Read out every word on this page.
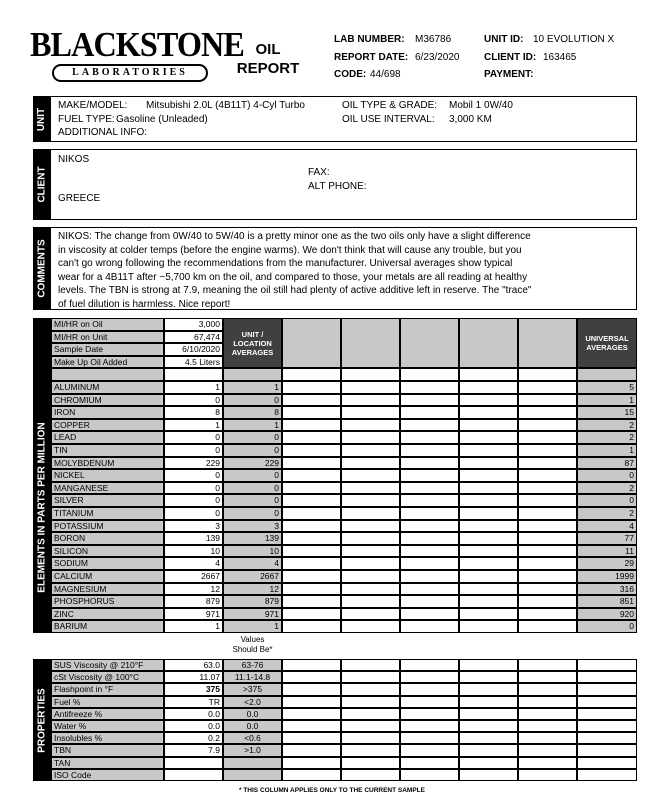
BLACKSTONE
LABORATORIES
OIL
REPORT
LAB NUMBER: M36786
REPORT DATE: 6/23/2020
CODE: 44/698
UNIT ID: 10 EVOLUTION X
CLIENT ID: 163465
PAYMENT:
UNIT
MAKE/MODEL: Mitsubishi 2.0L (4B11T) 4-Cyl Turbo
FUEL TYPE: Gasoline (Unleaded)
ADDITIONAL INFO:
OIL TYPE & GRADE: Mobil 1 0W/40
OIL USE INTERVAL: 3,000 KM
CLIENT
NIKOS
GREECE
FAX:
ALT PHONE:
COMMENTS
NIKOS: The change from 0W/40 to 5W/40 is a pretty minor one as the two oils only have a slight difference
in viscosity at colder temps (before the engine warms). We don't think that will cause any trouble, but you
can't go wrong following the recommendations from the manufacturer. Universal averages show typical
wear for a 4B11T after ~5,700 km on the oil, and compared to those, your metals are all reading at healthy
levels. The TBN is strong at 7.9, meaning the oil still had plenty of active additive left in reserve. The "trace"
of fuel dilution is harmless. Nice report!
MI/HR on Oil	3,000
MI/HR on Unit	67,474
Sample Date	6/10/2020
Make Up Oil Added	4.5 Liters
UNIT /
LOCATION
AVERAGES
UNIVERSAL
AVERAGES
ELEMENTS IN PARTS PER MILLION
ALUMINUM	1	1	5
CHROMIUM	0	0	1
IRON	8	8	15
COPPER	1	1	2
LEAD	0	0	2
TIN	0	0	1
MOLYBDENUM	229	229	87
NICKEL	0	0	0
MANGANESE	0	0	2
SILVER	0	0	0
TITANIUM	0	0	2
POTASSIUM	3	3	4
BORON	139	139	77
SILICON	10	10	11
SODIUM	4	4	29
CALCIUM	2667	2667	1999
MAGNESIUM	12	12	316
PHOSPHORUS	879	879	851
ZINC	971	971	920
BARIUM	1	1	0
Values
Should Be*
PROPERTIES
SUS Viscosity @ 210°F	63.0	63-76
cSt Viscosity @ 100°C	11.07	11.1-14.8
Flashpoint in °F	375	>375
Fuel %	TR	<2.0
Antifreeze %	0.0	0.0
Water %	0.0	0.0
Insolubles %	0.2	<0.6
TBN	7.9	>1.0
TAN
ISO Code
* THIS COLUMN APPLIES ONLY TO THE CURRENT SAMPLE
